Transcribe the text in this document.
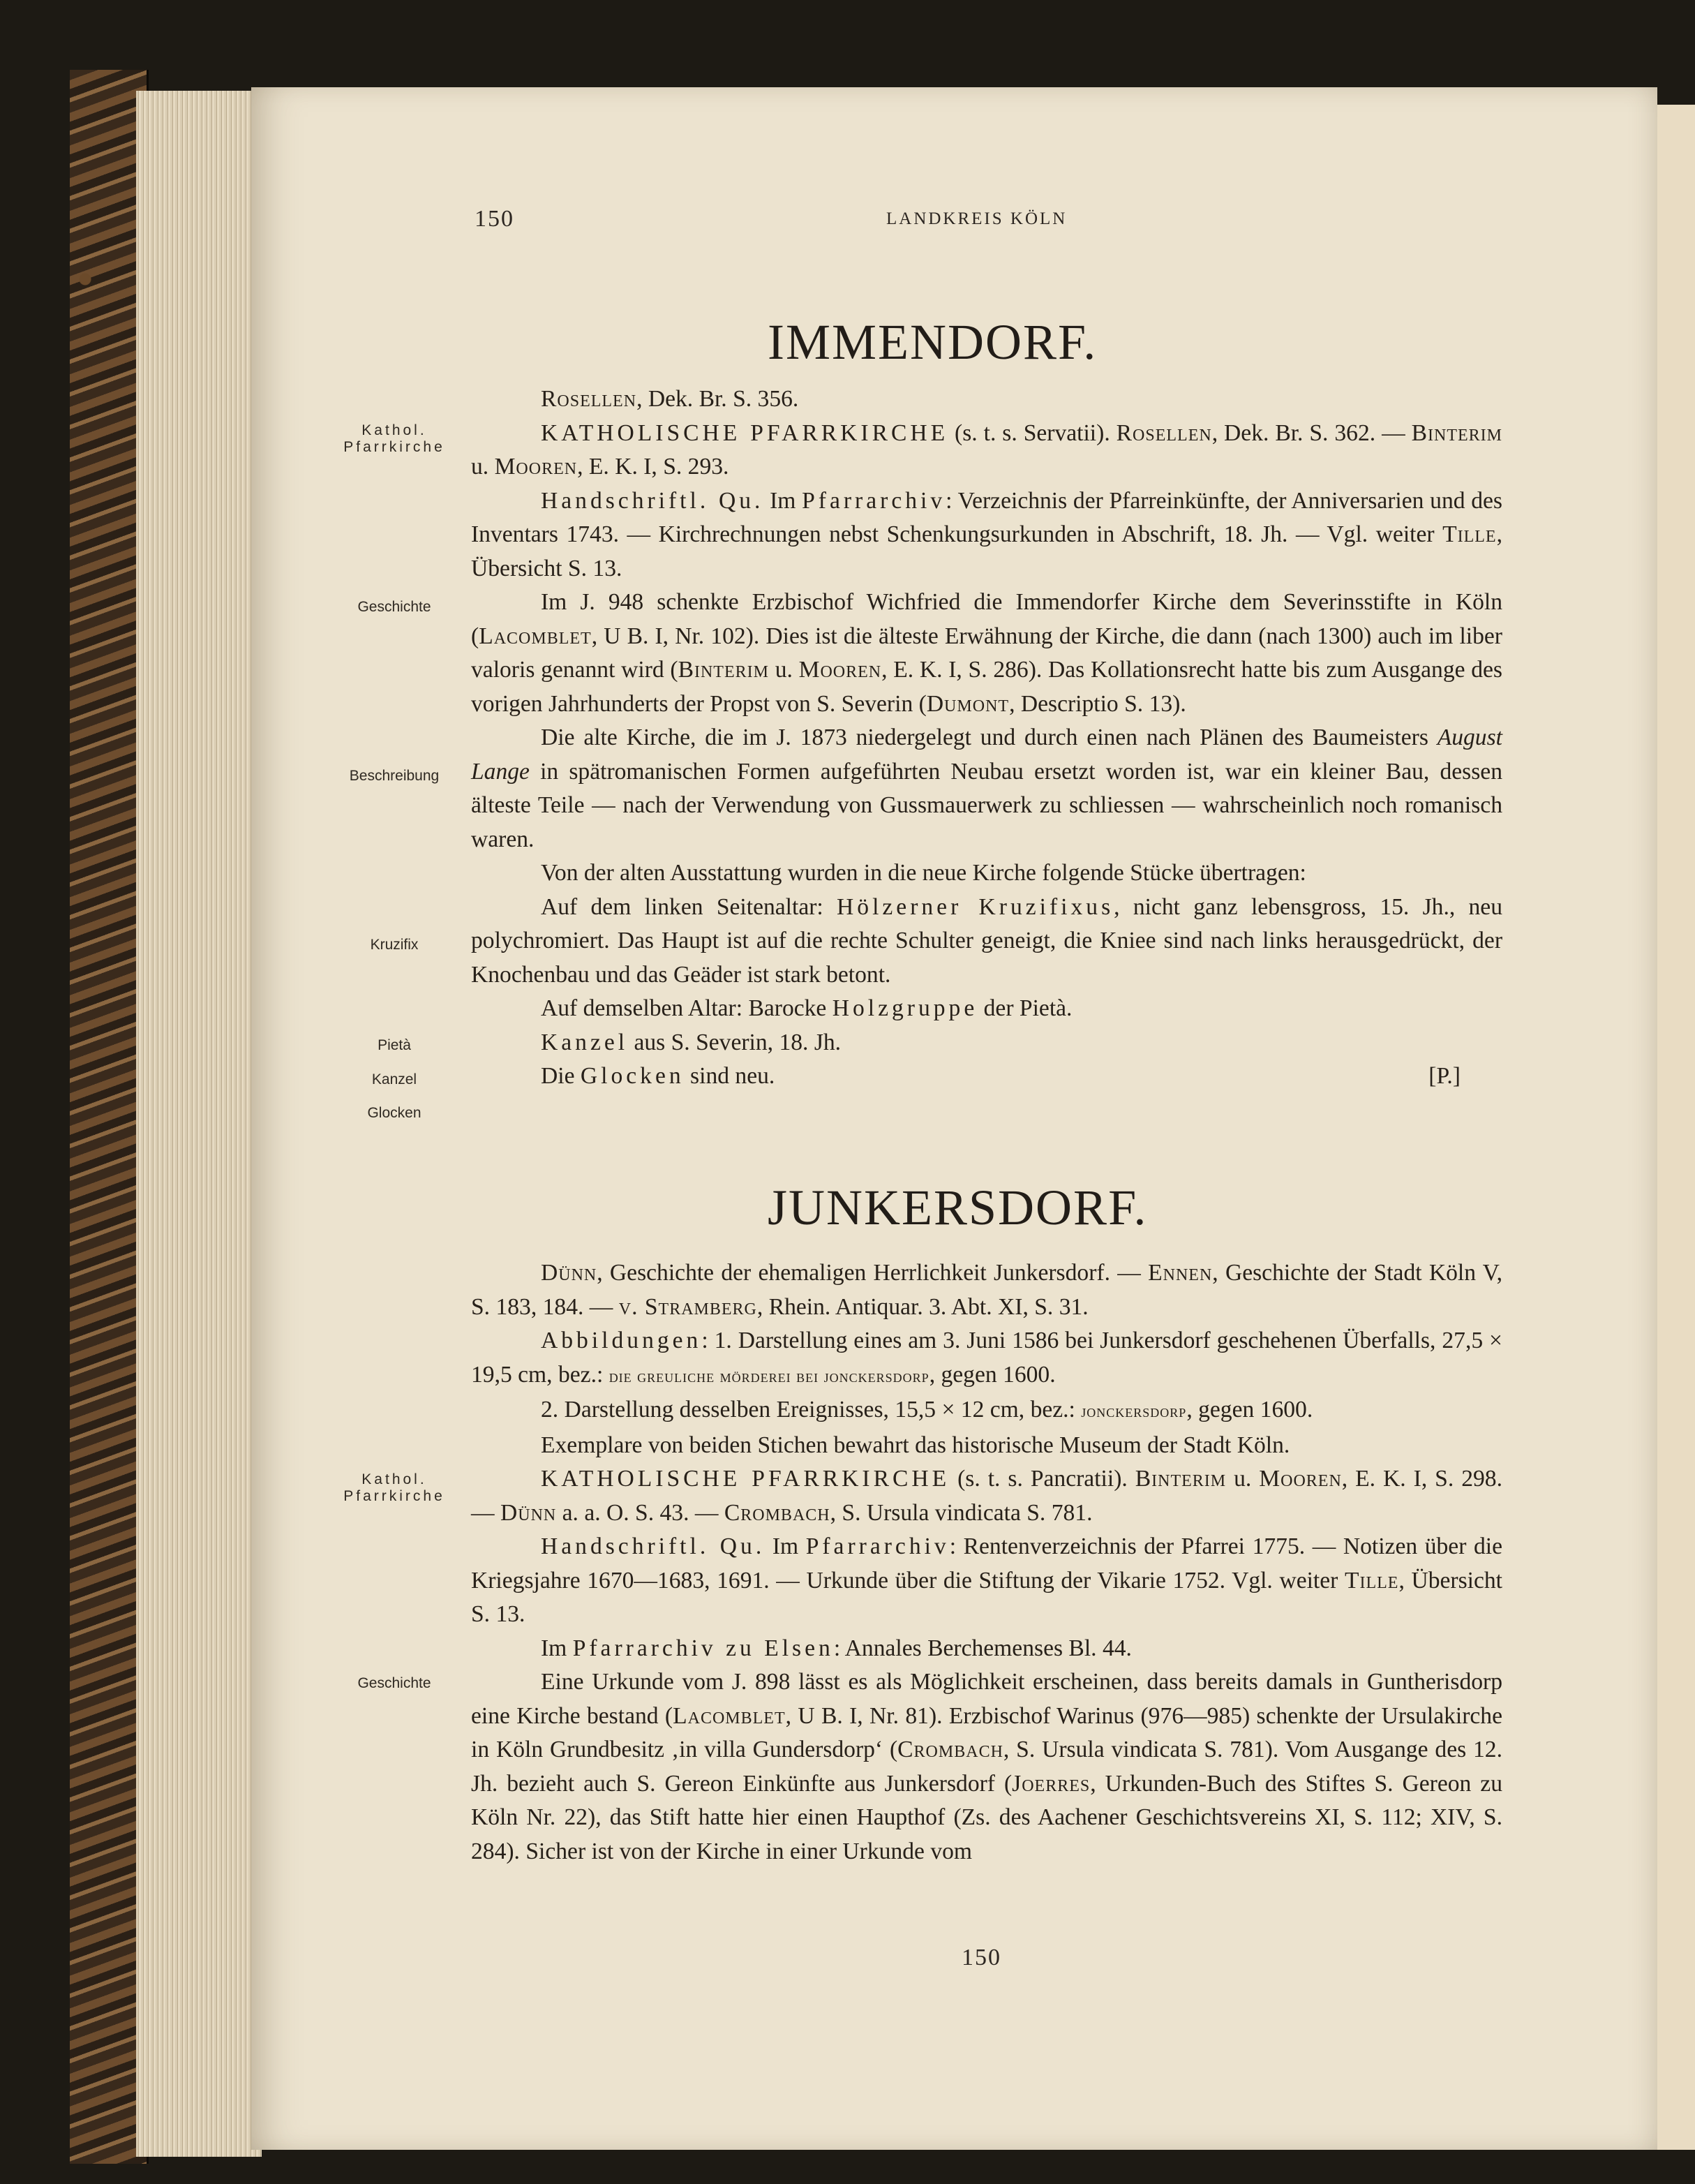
150	LANDKREIS KÖLN
IMMENDORF.

Rosellen, Dek. Br. S. 356.

KATHOLISCHE PFARRKIRCHE (s. t. s. Servatii). Rosellen, Dek. Br. S. 362. — Binterim u. Mooren, E. K. I, S. 293.

Handschriftl. Qu. Im Pfarrarchiv: Verzeichnis der Pfarreinkünfte, der Anniversarien und des Inventars 1743. — Kirchrechnungen nebst Schenkungsurkunden in Abschrift, 18. Jh. — Vgl. weiter Tille, Übersicht S. 13.

Im J. 948 schenkte Erzbischof Wichfried die Immendorfer Kirche dem Severinsstifte in Köln (Lacomblet, U B. I, Nr. 102). Dies ist die älteste Erwähnung der Kirche, die dann (nach 1300) auch im liber valoris genannt wird (Binterim u. Mooren, E. K. I, S. 286). Das Kollationsrecht hatte bis zum Ausgange des vorigen Jahrhunderts der Propst von S. Severin (Dumont, Descriptio S. 13).

Die alte Kirche, die im J. 1873 niedergelegt und durch einen nach Plänen des Baumeisters August Lange in spätromanischen Formen aufgeführten Neubau ersetzt worden ist, war ein kleiner Bau, dessen älteste Teile — nach der Verwendung von Gussmauerwerk zu schliessen — wahrscheinlich noch romanisch waren.

Von der alten Ausstattung wurden in die neue Kirche folgende Stücke übertragen:

Auf dem linken Seitenaltar: Hölzerner Kruzifixus, nicht ganz lebensgross, 15. Jh., neu polychromiert. Das Haupt ist auf die rechte Schulter geneigt, die Kniee sind nach links herausgedrückt, der Knochenbau und das Geäder ist stark betont.

Auf demselben Altar: Barocke Holzgruppe der Pietà.

Kanzel aus S. Severin, 18. Jh.

Die Glocken sind neu.	[P.]

JUNKERSDORF.

Dünn, Geschichte der ehemaligen Herrlichkeit Junkersdorf. — Ennen, Geschichte der Stadt Köln V, S. 183, 184. — v. Stramberg, Rhein. Antiquar. 3. Abt. XI, S. 31.

Abbildungen: 1. Darstellung eines am 3. Juni 1586 bei Junkersdorf geschehenen Überfalls, 27,5 × 19,5 cm, bez.: die greuliche mörderei bei jonckersdorp, gegen 1600.

2. Darstellung desselben Ereignisses, 15,5 × 12 cm, bez.: jonckersdorp, gegen 1600.

Exemplare von beiden Stichen bewahrt das historische Museum der Stadt Köln.

KATHOLISCHE PFARRKIRCHE (s. t. s. Pancratii). Binterim u. Mooren, E. K. I, S. 298. — Dünn a. a. O. S. 43. — Crombach, S. Ursula vindicata S. 781.

Handschriftl. Qu. Im Pfarrarchiv: Rentenverzeichnis der Pfarrei 1775. — Notizen über die Kriegsjahre 1670—1683, 1691. — Urkunde über die Stiftung der Vikarie 1752. Vgl. weiter Tille, Übersicht S. 13.

Im Pfarrarchiv zu Elsen: Annales Berchemenses Bl. 44.

Eine Urkunde vom J. 898 lässt es als Möglichkeit erscheinen, dass bereits damals in Guntherisdorp eine Kirche bestand (Lacomblet, U B. I, Nr. 81). Erzbischof Warinus (976—985) schenkte der Ursulakirche in Köln Grundbesitz ‚in villa Gundersdorp‘ (Crombach, S. Ursula vindicata S. 781). Vom Ausgange des 12. Jh. bezieht auch S. Gereon Einkünfte aus Junkersdorf (Joerres, Urkunden-Buch des Stiftes S. Gereon zu Köln Nr. 22), das Stift hatte hier einen Haupthof (Zs. des Aachener Geschichtsvereins XI, S. 112; XIV, S. 284). Sicher ist von der Kirche in einer Urkunde vom

Kathol.
Pfarrkirche
Geschichte
Beschreibung
Kruzifix
Pietà
Kanzel
Glocken
Kathol.
Pfarrkirche
Geschichte
150
